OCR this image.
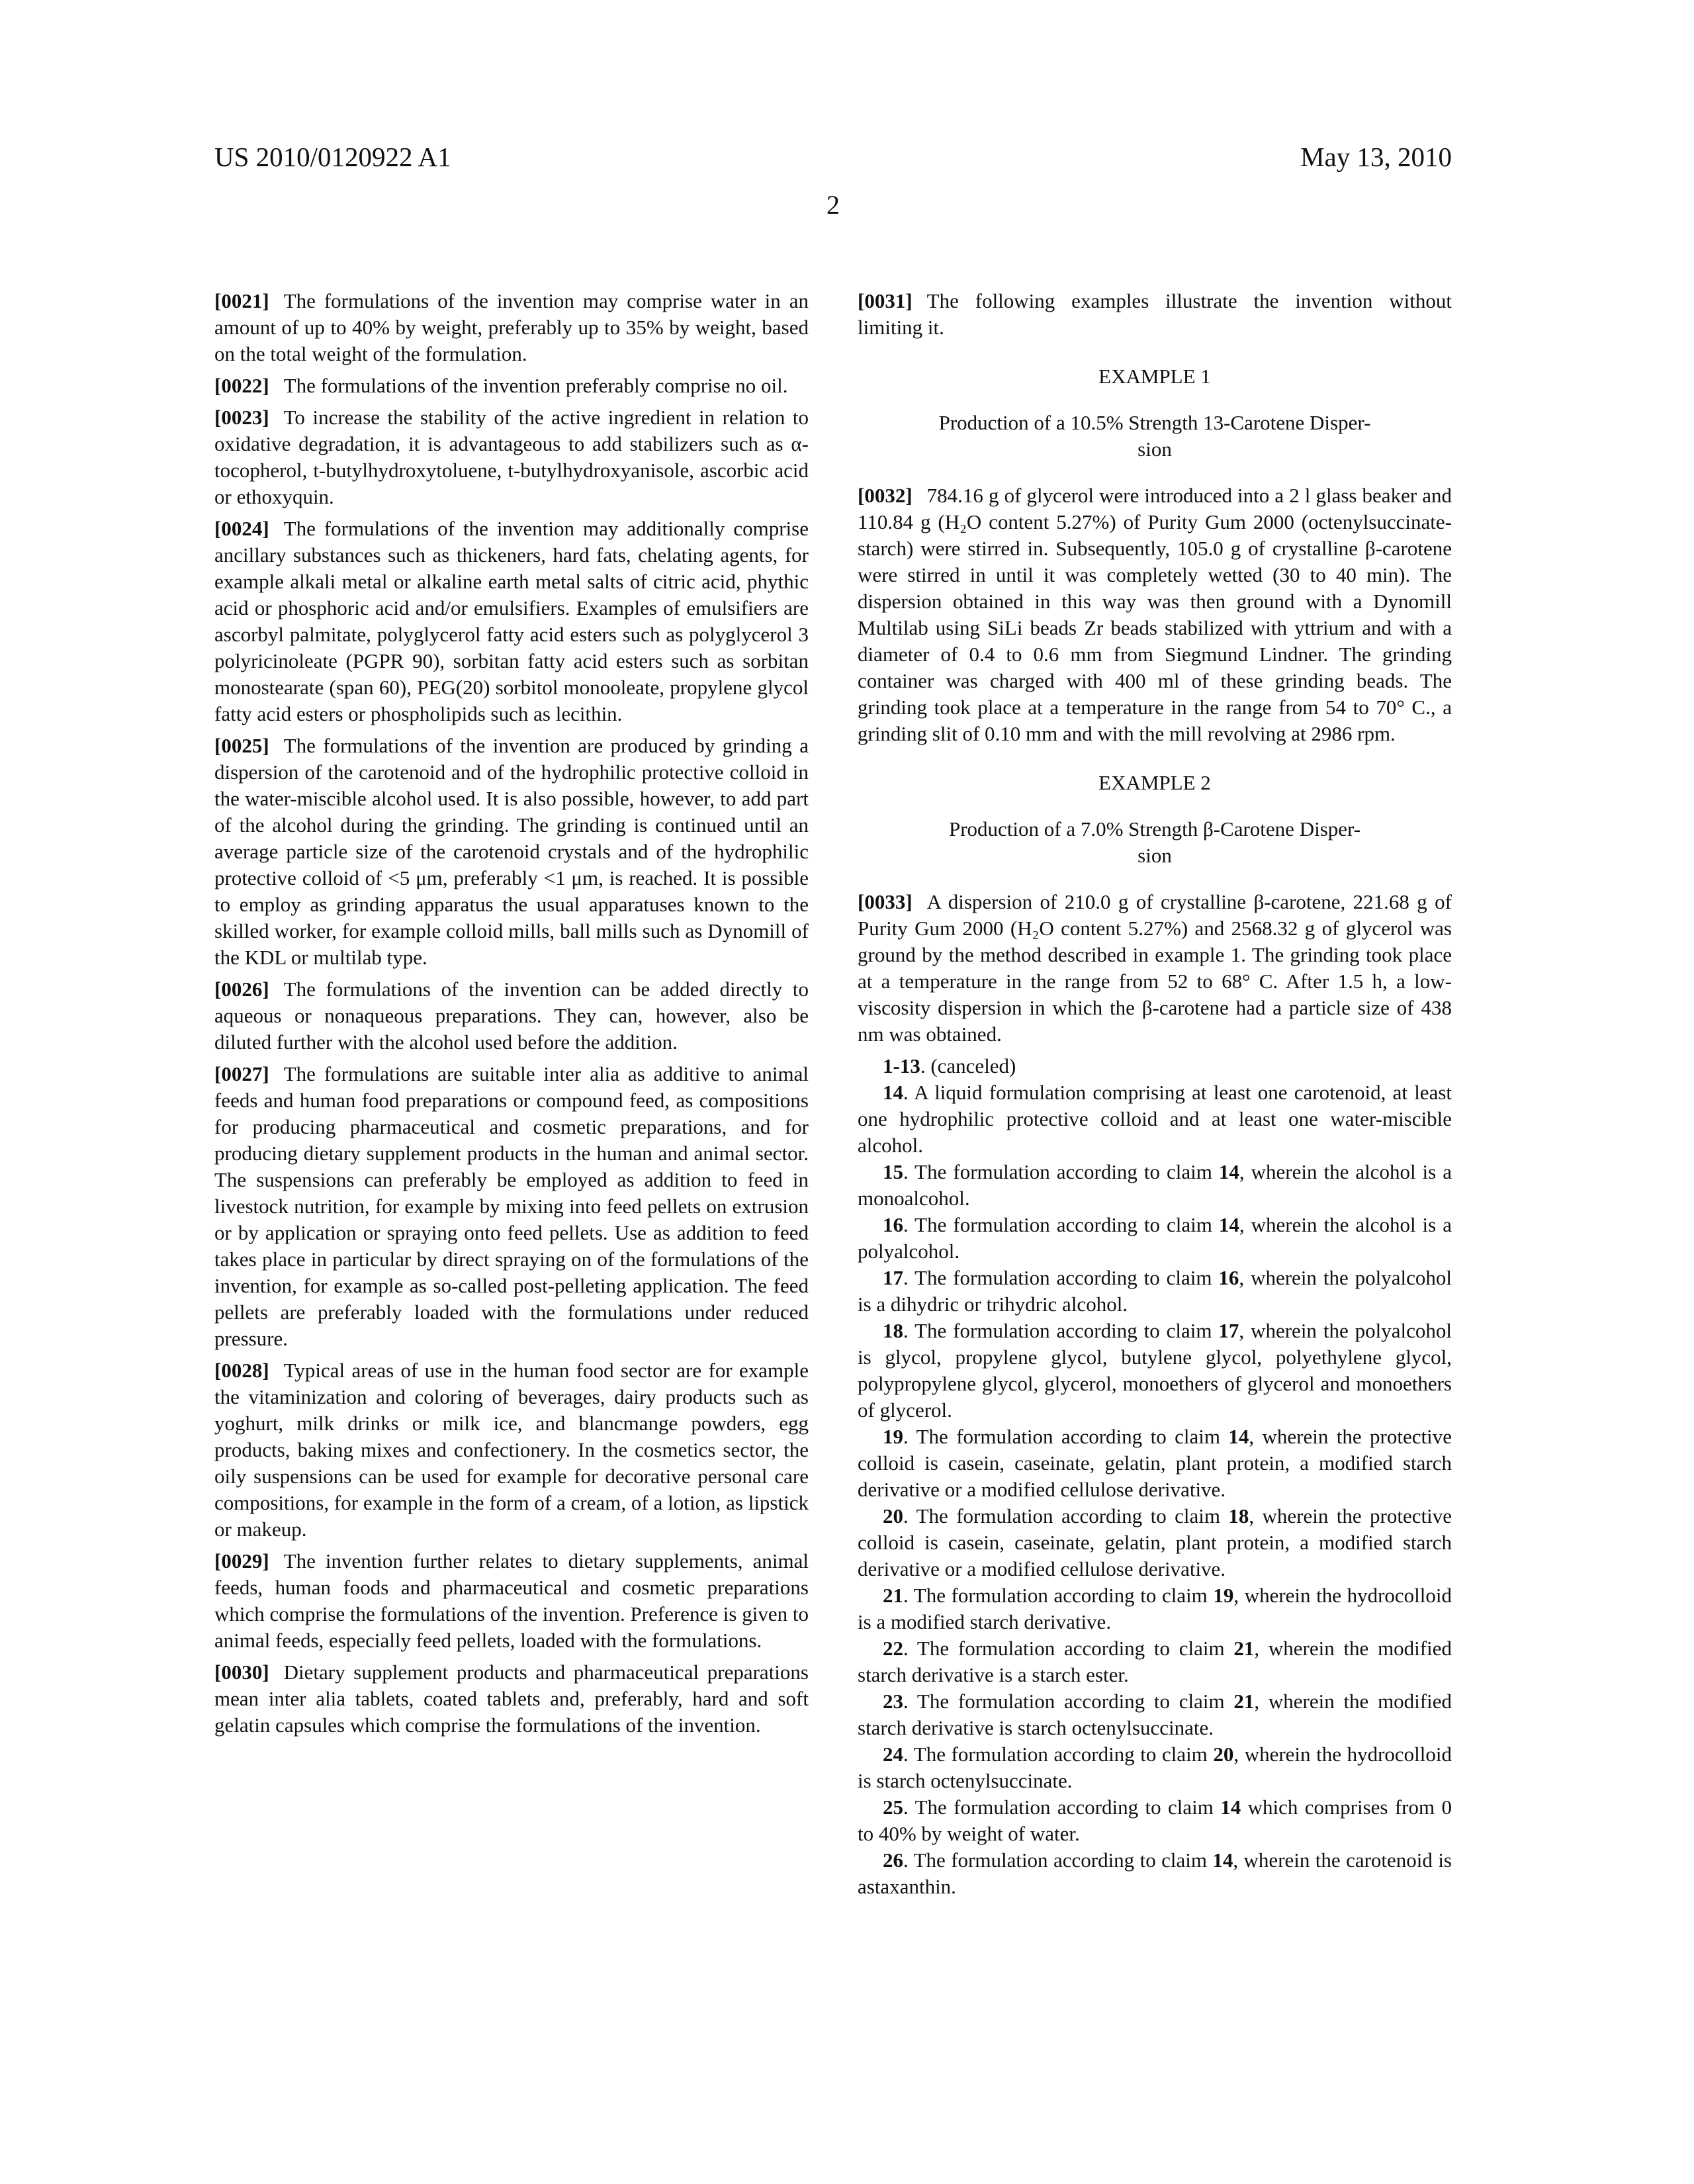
US 2010/0120922 A1	May 13, 2010
2

[0021] The formulations of the invention may comprise water in an amount of up to 40% by weight, preferably up to 35% by weight, based on the total weight of the formulation.

[0022] The formulations of the invention preferably comprise no oil.

[0023] To increase the stability of the active ingredient in relation to oxidative degradation, it is advantageous to add stabilizers such as α-tocopherol, t-butylhydroxytoluene, t-butylhydroxyanisole, ascorbic acid or ethoxyquin.

[0024] The formulations of the invention may additionally comprise ancillary substances such as thickeners, hard fats, chelating agents, for example alkali metal or alkaline earth metal salts of citric acid, phythic acid or phosphoric acid and/or emulsifiers. Examples of emulsifiers are ascorbyl palmitate, polyglycerol fatty acid esters such as polyglycerol 3 polyricinoleate (PGPR 90), sorbitan fatty acid esters such as sorbitan monostearate (span 60), PEG(20) sorbitol monooleate, propylene glycol fatty acid esters or phospholipids such as lecithin.

[0025] The formulations of the invention are produced by grinding a dispersion of the carotenoid and of the hydrophilic protective colloid in the water-miscible alcohol used. It is also possible, however, to add part of the alcohol during the grinding. The grinding is continued until an average particle size of the carotenoid crystals and of the hydrophilic protective colloid of <5 μm, preferably <1 μm, is reached. It is possible to employ as grinding apparatus the usual apparatuses known to the skilled worker, for example colloid mills, ball mills such as Dynomill of the KDL or multilab type.

[0026] The formulations of the invention can be added directly to aqueous or nonaqueous preparations. They can, however, also be diluted further with the alcohol used before the addition.

[0027] The formulations are suitable inter alia as additive to animal feeds and human food preparations or compound feed, as compositions for producing pharmaceutical and cosmetic preparations, and for producing dietary supplement products in the human and animal sector. The suspensions can preferably be employed as addition to feed in livestock nutrition, for example by mixing into feed pellets on extrusion or by application or spraying onto feed pellets. Use as addition to feed takes place in particular by direct spraying on of the formulations of the invention, for example as so-called post-pelleting application. The feed pellets are preferably loaded with the formulations under reduced pressure.

[0028] Typical areas of use in the human food sector are for example the vitaminization and coloring of beverages, dairy products such as yoghurt, milk drinks or milk ice, and blancmange powders, egg products, baking mixes and confectionery. In the cosmetics sector, the oily suspensions can be used for example for decorative personal care compositions, for example in the form of a cream, of a lotion, as lipstick or makeup.

[0029] The invention further relates to dietary supplements, animal feeds, human foods and pharmaceutical and cosmetic preparations which comprise the formulations of the invention. Preference is given to animal feeds, especially feed pellets, loaded with the formulations.

[0030] Dietary supplement products and pharmaceutical preparations mean inter alia tablets, coated tablets and, preferably, hard and soft gelatin capsules which comprise the formulations of the invention.

[0031] The following examples illustrate the invention without limiting it.

EXAMPLE 1

Production of a 10.5% Strength 13-Carotene Disper-
sion

[0032] 784.16 g of glycerol were introduced into a 2 l glass beaker and 110.84 g (H₂O content 5.27%) of Purity Gum 2000 (octenylsuccinate-starch) were stirred in. Subsequently, 105.0 g of crystalline β-carotene were stirred in until it was completely wetted (30 to 40 min). The dispersion obtained in this way was then ground with a Dynomill Multilab using SiLi beads Zr beads stabilized with yttrium and with a diameter of 0.4 to 0.6 mm from Siegmund Lindner. The grinding container was charged with 400 ml of these grinding beads. The grinding took place at a temperature in the range from 54 to 70° C., a grinding slit of 0.10 mm and with the mill revolving at 2986 rpm.

EXAMPLE 2

Production of a 7.0% Strength β-Carotene Disper-
sion

[0033] A dispersion of 210.0 g of crystalline β-carotene, 221.68 g of Purity Gum 2000 (H₂O content 5.27%) and 2568.32 g of glycerol was ground by the method described in example 1. The grinding took place at a temperature in the range from 52 to 68° C. After 1.5 h, a low-viscosity dispersion in which the β-carotene had a particle size of 438 nm was obtained.

1-13. (canceled)

14. A liquid formulation comprising at least one carotenoid, at least one hydrophilic protective colloid and at least one water-miscible alcohol.

15. The formulation according to claim 14, wherein the alcohol is a monoalcohol.

16. The formulation according to claim 14, wherein the alcohol is a polyalcohol.

17. The formulation according to claim 16, wherein the polyalcohol is a dihydric or trihydric alcohol.

18. The formulation according to claim 17, wherein the polyalcohol is glycol, propylene glycol, butylene glycol, polyethylene glycol, polypropylene glycol, glycerol, monoethers of glycerol and monoethers of glycerol.

19. The formulation according to claim 14, wherein the protective colloid is casein, caseinate, gelatin, plant protein, a modified starch derivative or a modified cellulose derivative.

20. The formulation according to claim 18, wherein the protective colloid is casein, caseinate, gelatin, plant protein, a modified starch derivative or a modified cellulose derivative.

21. The formulation according to claim 19, wherein the hydrocolloid is a modified starch derivative.

22. The formulation according to claim 21, wherein the modified starch derivative is a starch ester.

23. The formulation according to claim 21, wherein the modified starch derivative is starch octenylsuccinate.

24. The formulation according to claim 20, wherein the hydrocolloid is starch octenylsuccinate.

25. The formulation according to claim 14 which comprises from 0 to 40% by weight of water.

26. The formulation according to claim 14, wherein the carotenoid is astaxanthin.
